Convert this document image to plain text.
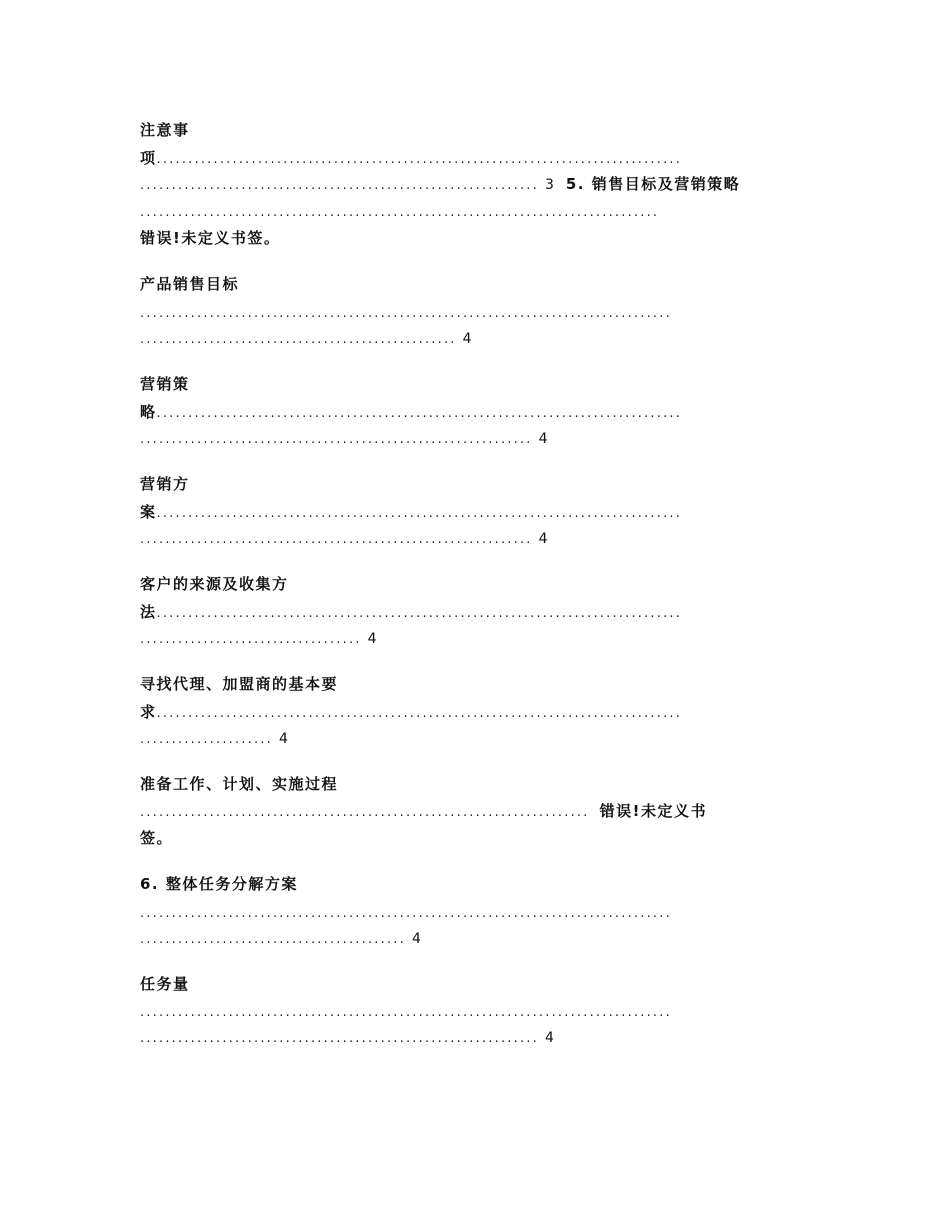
注意事
项...................................................................................
............................................................... 3 5. 销售目标及营销策略
..................................................................................
错误!未定义书签。
产品销售目标
....................................................................................
.................................................. 4
营销策
略...................................................................................
.............................................................. 4
营销方
案...................................................................................
.............................................................. 4
客户的来源及收集方
法...................................................................................
................................... 4
寻找代理、加盟商的基本要
求...................................................................................
..................... 4
准备工作、计划、实施过程
....................................................................... 错误!未定义书
签。
6. 整体任务分解方案
....................................................................................
.......................................... 4
任务量
....................................................................................
............................................................... 4
